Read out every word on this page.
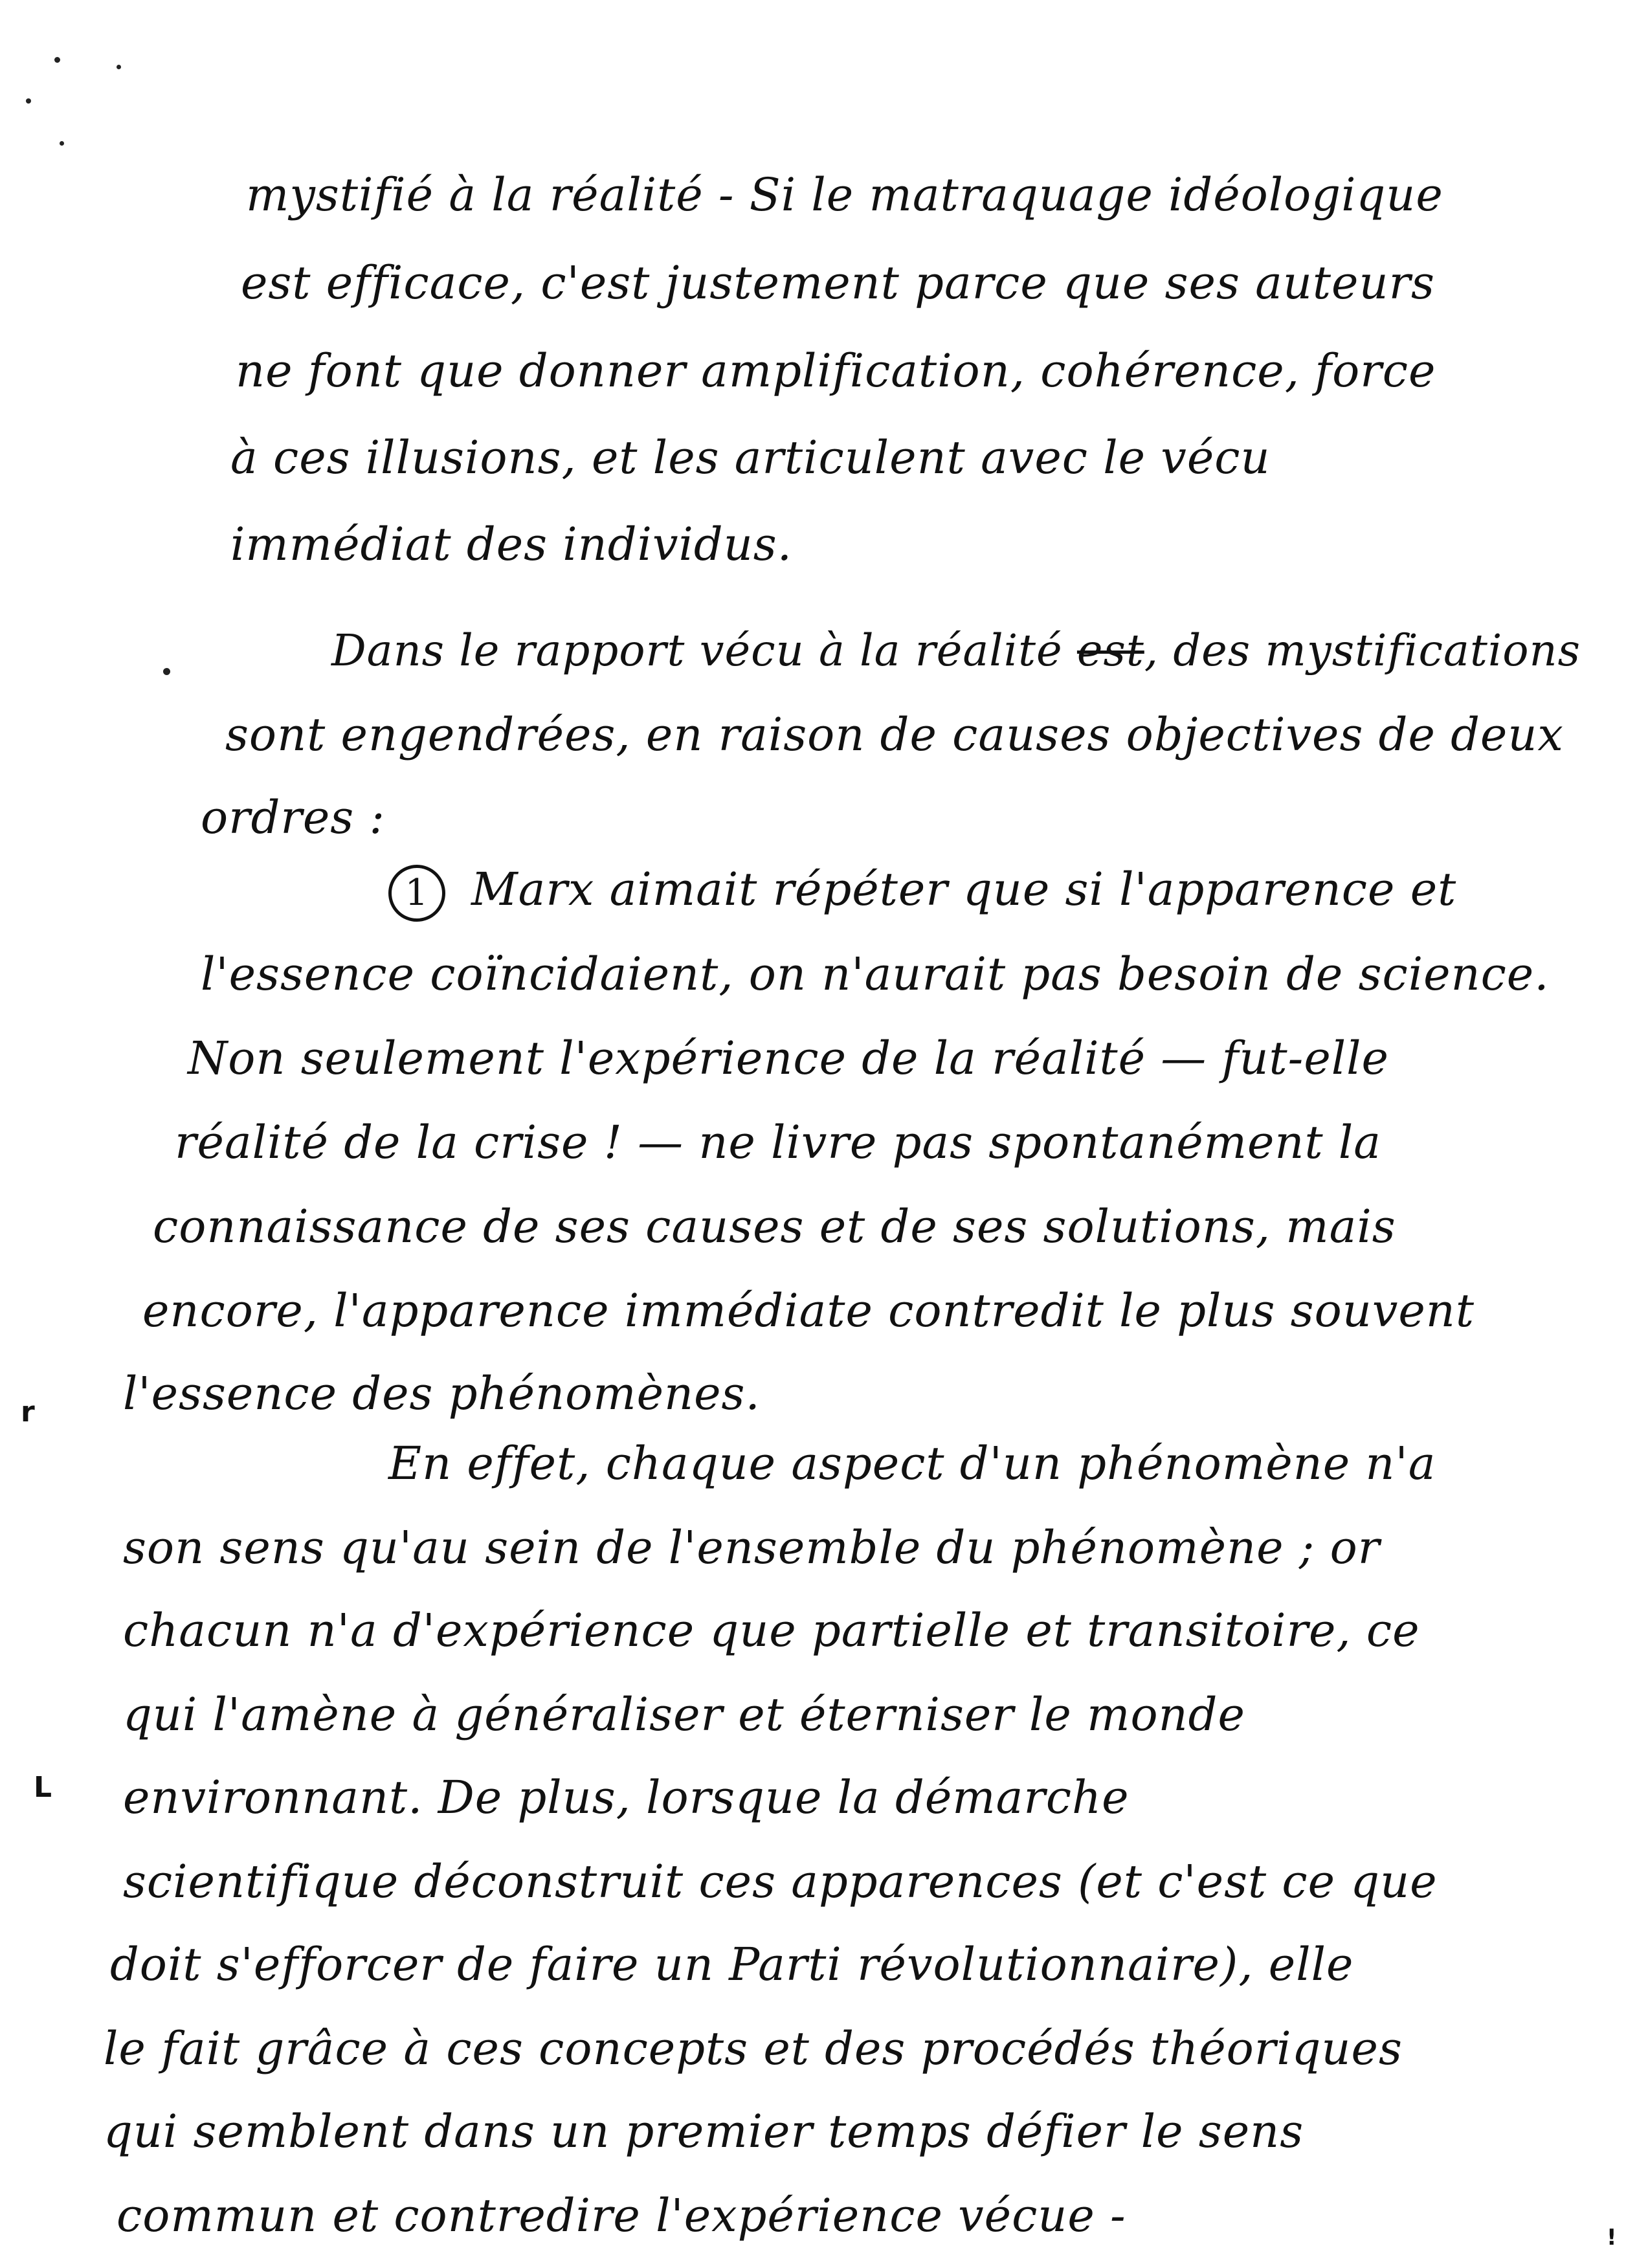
r
L
!
mystifié à la réalité - Si le matraquage idéologique
est efficace, c'est justement parce que ses auteurs
ne font que donner amplification, cohérence, force
à ces illusions, et les articulent avec le vécu
immédiat des individus.
Dans le rapport vécu à la réalité est, des mystifications
sont engendrées, en raison de causes objectives de deux
ordres :
1 Marx aimait répéter que si l'apparence et
l'essence coïncidaient, on n'aurait pas besoin de science.
Non seulement l'expérience de la réalité — fut-elle
réalité de la crise ! — ne livre pas spontanément la
connaissance de ses causes et de ses solutions, mais
encore, l'apparence immédiate contredit le plus souvent
l'essence des phénomènes.
En effet, chaque aspect d'un phénomène n'a
son sens qu'au sein de l'ensemble du phénomène ; or
chacun n'a d'expérience que partielle et transitoire, ce
qui l'amène à généraliser et éterniser le monde
environnant. De plus, lorsque la démarche
scientifique déconstruit ces apparences (et c'est ce que
doit s'efforcer de faire un Parti révolutionnaire), elle
le fait grâce à ces concepts et des procédés théoriques
qui semblent dans un premier temps défier le sens
commun et contredire l'expérience vécue -
